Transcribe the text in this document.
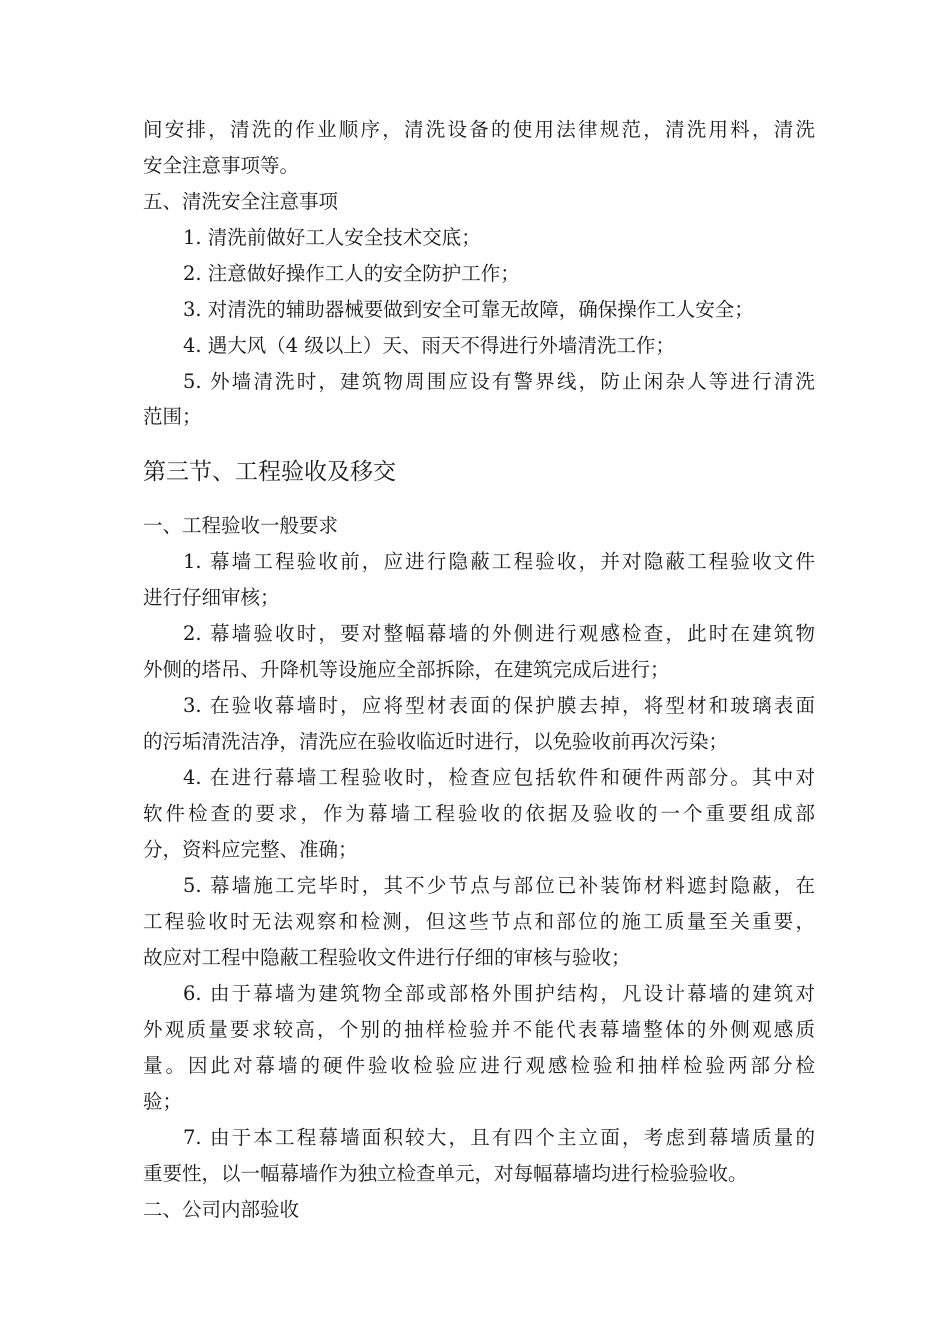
间安排，清洗的作业顺序，清洗设备的使用法律规范，清洗用料，清洗
安全注意事项等。
五、清洗安全注意事项
1. 清洗前做好工人安全技术交底；
2. 注意做好操作工人的安全防护工作；
3. 对清洗的辅助器械要做到安全可靠无故障，确保操作工人安全；
4. 遇大风（4 级以上）天、雨天不得进行外墙清洗工作；
5. 外墙清洗时，建筑物周围应设有警界线，防止闲杂人等进行清洗
范围；
第三节、工程验收及移交
一、工程验收一般要求
1. 幕墙工程验收前，应进行隐蔽工程验收，并对隐蔽工程验收文件
进行仔细审核；
2. 幕墙验收时，要对整幅幕墙的外侧进行观感检查，此时在建筑物
外侧的塔吊、升降机等设施应全部拆除，在建筑完成后进行；
3. 在验收幕墙时，应将型材表面的保护膜去掉，将型材和玻璃表面
的污垢清洗洁净，清洗应在验收临近时进行，以免验收前再次污染；
4. 在进行幕墙工程验收时，检查应包括软件和硬件两部分。其中对
软件检查的要求，作为幕墙工程验收的依据及验收的一个重要组成部
分，资料应完整、准确；
5. 幕墙施工完毕时，其不少节点与部位已补装饰材料遮封隐蔽，在
工程验收时无法观察和检测，但这些节点和部位的施工质量至关重要，
故应对工程中隐蔽工程验收文件进行仔细的审核与验收；
6. 由于幕墙为建筑物全部或部格外围护结构，凡设计幕墙的建筑对
外观质量要求较高，个别的抽样检验并不能代表幕墙整体的外侧观感质
量。因此对幕墙的硬件验收检验应进行观感检验和抽样检验两部分检
验；
7. 由于本工程幕墙面积较大，且有四个主立面，考虑到幕墙质量的
重要性，以一幅幕墙作为独立检查单元，对每幅幕墙均进行检验验收。
二、公司内部验收
